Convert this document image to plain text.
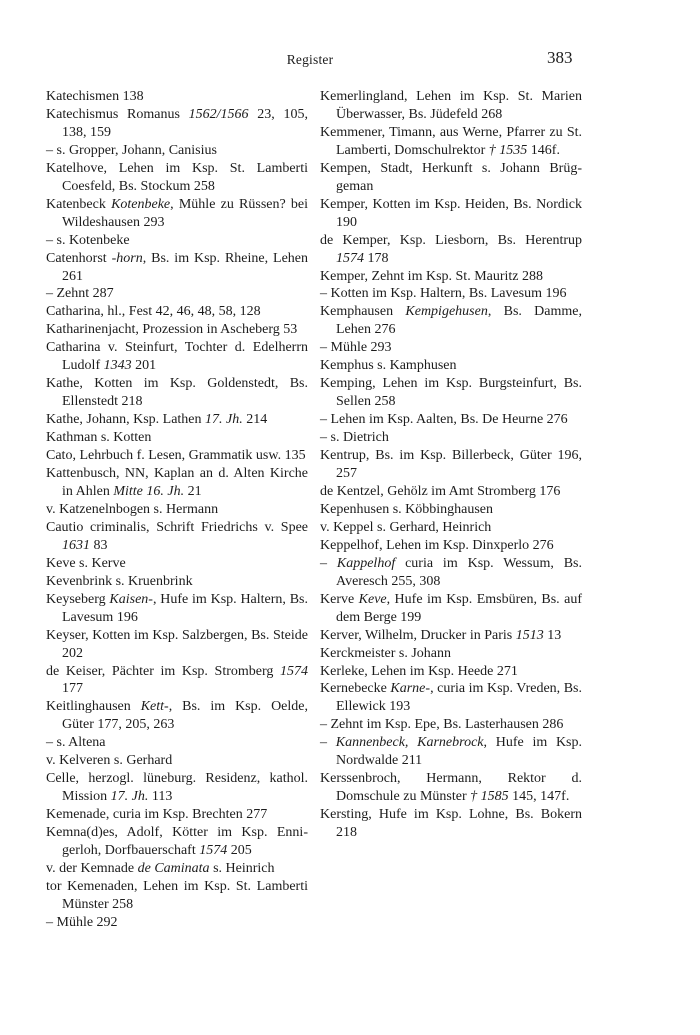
Register	383
Katechismen 138
Katechismus Romanus 1562/1566 23, 105, 138, 159
– s. Gropper, Johann, Canisius
Katelhove, Lehen im Ksp. St. Lamberti Coesfeld, Bs. Stockum 258
Katenbeck Kotenbeke, Mühle zu Rüssen? bei Wildeshausen 293
– s. Kotenbeke
Catenhorst -horn, Bs. im Ksp. Rheine, Lehen 261
– Zehnt 287
Catharina, hl., Fest 42, 46, 48, 58, 128
Katharinenjacht, Prozession in Ascheberg 53
Catharina v. Steinfurt, Tochter d. Edelherrn Ludolf 1343 201
Kathe, Kotten im Ksp. Goldenstedt, Bs. Ellenstedt 218
Kathe, Johann, Ksp. Lathen 17. Jh. 214
Kathman s. Kotten
Cato, Lehrbuch f. Lesen, Grammatik usw. 135
Kattenbusch, NN, Kaplan an d. Alten Kirche in Ahlen Mitte 16. Jh. 21
v. Katzenelnbogen s. Hermann
Cautio criminalis, Schrift Friedrichs v. Spee 1631 83
Keve s. Kerve
Kevenbrink s. Kruenbrink
Keyseberg Kaisen-, Hufe im Ksp. Haltern, Bs. Lavesum 196
Keyser, Kotten im Ksp. Salzbergen, Bs. Steide 202
de Keiser, Pächter im Ksp. Stromberg 1574 177
Keitlinghausen Kett-, Bs. im Ksp. Oelde, Güter 177, 205, 263
– s. Altena
v. Kelveren s. Gerhard
Celle, herzogl. lüneburg. Residenz, kathol. Mission 17. Jh. 113
Kemenade, curia im Ksp. Brechten 277
Kemna(d)es, Adolf, Kötter im Ksp. Ennigerloh, Dorfbauerschaft 1574 205
v. der Kemnade de Caminata s. Heinrich
tor Kemenaden, Lehen im Ksp. St. Lamberti Münster 258
– Mühle 292
Kemerlingland, Lehen im Ksp. St. Marien Überwasser, Bs. Jüdefeld 268
Kemmener, Timann, aus Werne, Pfarrer zu St. Lamberti, Domschulrektor † 1535 146f.
Kempen, Stadt, Herkunft s. Johann Brüggeman
Kemper, Kotten im Ksp. Heiden, Bs. Nordick 190
de Kemper, Ksp. Liesborn, Bs. Herentrup 1574 178
Kemper, Zehnt im Ksp. St. Mauritz 288
– Kotten im Ksp. Haltern, Bs. Lavesum 196
Kemphausen Kempigehusen, Bs. Damme, Lehen 276
– Mühle 293
Kemphus s. Kamphusen
Kemping, Lehen im Ksp. Burgsteinfurt, Bs. Sellen 258
– Lehen im Ksp. Aalten, Bs. De Heurne 276
– s. Dietrich
Kentrup, Bs. im Ksp. Billerbeck, Güter 196, 257
de Kentzel, Gehölz im Amt Stromberg 176
Kepenhusen s. Köbbinghausen
v. Keppel s. Gerhard, Heinrich
Keppelhof, Lehen im Ksp. Dinxperlo 276
– Kappelhof curia im Ksp. Wessum, Bs. Averesch 255, 308
Kerve Keve, Hufe im Ksp. Emsbüren, Bs. auf dem Berge 199
Kerver, Wilhelm, Drucker in Paris 1513 13
Kerckmeister s. Johann
Kerleke, Lehen im Ksp. Heede 271
Kernebecke Karne-, curia im Ksp. Vreden, Bs. Ellewick 193
– Zehnt im Ksp. Epe, Bs. Lasterhausen 286
– Kannenbeck, Karnebrock, Hufe im Ksp. Nordwalde 211
Kerssenbroch, Hermann, Rektor d. Domschule zu Münster † 1585 145, 147f.
Kersting, Hufe im Ksp. Lohne, Bs. Bokern 218
